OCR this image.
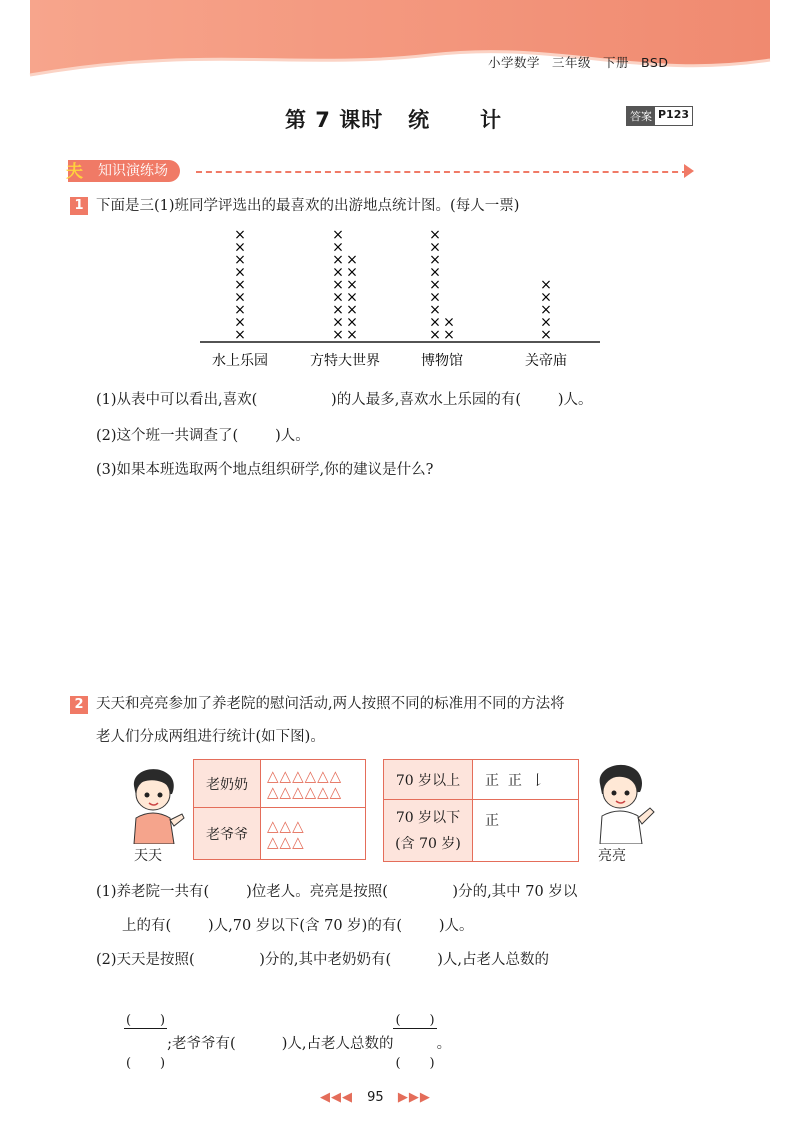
小学数学 三年级 下册 BSD
第 7 课时   统      计	答案 P123
知识演练场
夫
1 下面是三(1)班同学评选出的最喜欢的出游地点统计图。(每人一票)
×
×
×
×
×
×
×
×
×
×
×
×
×
×
×
×
×
×
×
×
×
×
×
×
×
×
×
×
×
×
×
×
×
×
×
×
×
×
×
×
×
水上乐园	方特大世界	博物馆	关帝庙
(1)从表中可以看出,喜欢(                )的人最多,喜欢水上乐园的有(        )人。
(2)这个班一共调查了(        )人。
(3)如果本班选取两个地点组织研学,你的建议是什么?
2 天天和亮亮参加了养老院的慰问活动,两人按照不同的标准用不同的方法将
老人们分成两组进行统计(如下图)。
天天
老奶奶	△△△△△△
△△△△△△

老爷爷	△△△
△△△
70 岁以上	正  正  𠄌

70 岁以下
(含 70 岁)	正
亮亮
(1)养老院一共有(        )位老人。亮亮是按照(              )分的,其中 70 岁以
上的有(        )人,70 岁以下(含 70 岁)的有(        )人。
(2)天天是按照(              )分的,其中老奶奶有(          )人,占老人总数的

$\frac{( )}{( )}$

;老爷爷有(          )人,占老人总数的

$\frac{( )}{( )}$

。
◀◀◀ 95 ▶▶▶
